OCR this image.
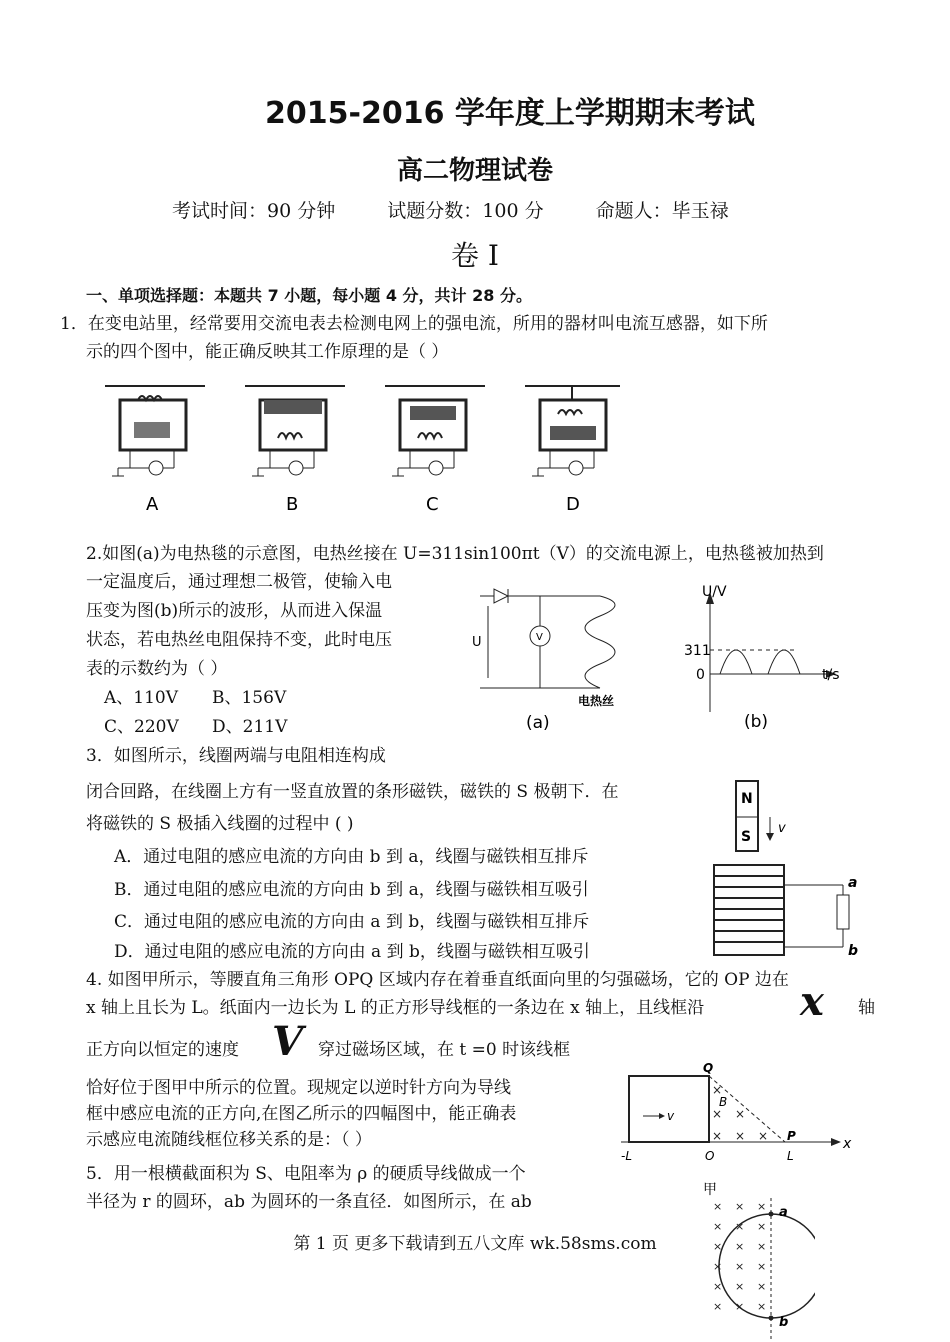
2015-2016 学年度上学期期末考试
高二物理试卷
考试时间：90 分钟	试题分数：100 分	命题人：毕玉禄
卷 I
一、单项选择题：本题共 7 小题，每小题 4 分，共计 28 分。
1．在变电站里，经常要用交流电表去检测电网上的强电流，所用的器材叫电流互感器，如下所
示的四个图中，能正确反映其工作原理的是（ ）
A	B	C	D
2.如图(a)为电热毯的示意图，电热丝接在 U=311sin100πt（V）的交流电源上，电热毯被加热到
一定温度后，通过理想二极管，使输入电
压变为图(b)所示的波形，从而进入保温
状态，若电热丝电阻保持不变，此时电压
表的示数约为（ ）
A、110V B、156V
C、220V D、211V
V
U
电热丝
(a)
U/V
311
0	t/s
(b)
3．如图所示，线圈两端与电阻相连构成
闭合回路，在线圈上方有一竖直放置的条形磁铁，磁铁的 S 极朝下．在
将磁铁的 S 极插入线圈的过程中 ( )
A．通过电阻的感应电流的方向由 b 到 a，线圈与磁铁相互排斥
B．通过电阻的感应电流的方向由 b 到 a，线圈与磁铁相互吸引
C．通过电阻的感应电流的方向由 a 到 b，线圈与磁铁相互排斥
D．通过电阻的感应电流的方向由 a 到 b，线圈与磁铁相互吸引
N
S
v
a
b
4. 如图甲所示，等腰直角三角形 OPQ 区域内存在着垂直纸面向里的匀强磁场，它的 OP 边在
x 轴上且长为 L。纸面内一边长为 L 的正方形导线框的一条边在 x 轴上，且线框沿 x 轴
正方向以恒定的速度 V 穿过磁场区域，在 t =0 时该线框
恰好位于图甲中所示的位置。现规定以逆时针方向为导线
框中感应电流的正方向,在图乙所示的四幅图中，能正确表
示感应电流随线框位移关系的是：（ ）	x
v
Q
B
P
×
× ×
× × ×
-L	O	L
甲
5．用一根横截面积为 S、电阻率为 ρ 的硬质导线做成一个
半径为 r 的圆环，ab 为圆环的一条直径．如图所示，在 ab	× × ×
× × ×
× × ×
× × ×
× × ×
× × ×
a
b
第 1 页 更多下载请到五八文库 wk.58sms.com
